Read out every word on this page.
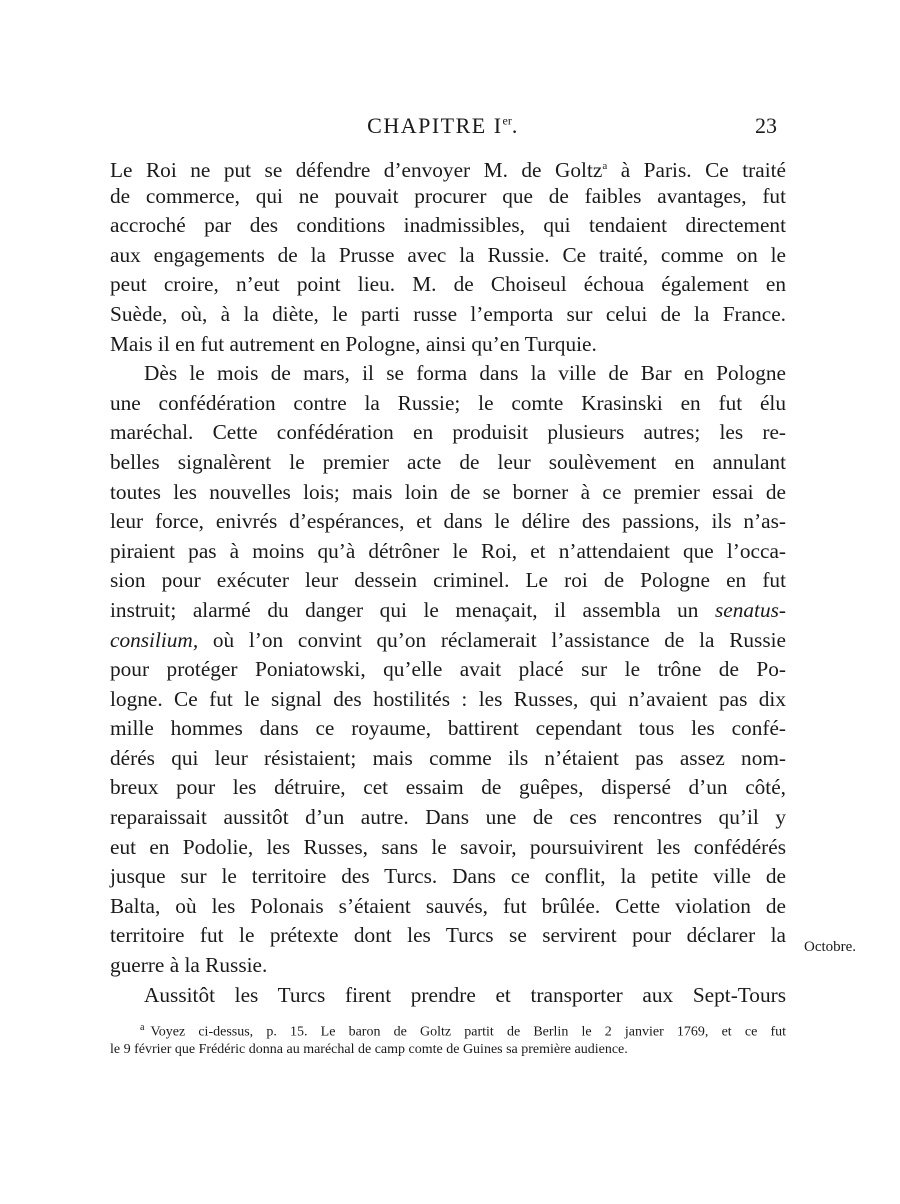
CHAPITRE Ier.	23
Le Roi ne put se défendre d’envoyer M. de Goltz$^a$ à Paris. Ce traité
de commerce, qui ne pouvait procurer que de faibles avantages, fut
accroché par des conditions inadmissibles, qui tendaient directement
aux engagements de la Prusse avec la Russie. Ce traité, comme on le
peut croire, n’eut point lieu. M. de Choiseul échoua également en
Suède, où, à la diète, le parti russe l’emporta sur celui de la France.
Mais il en fut autrement en Pologne, ainsi qu’en Turquie.
Dès le mois de mars, il se forma dans la ville de Bar en Pologne
une confédération contre la Russie; le comte Krasinski en fut élu
maréchal. Cette confédération en produisit plusieurs autres; les re-
belles signalèrent le premier acte de leur soulèvement en annulant
toutes les nouvelles lois; mais loin de se borner à ce premier essai de
leur force, enivrés d’espérances, et dans le délire des passions, ils n’as-
piraient pas à moins qu’à détrôner le Roi, et n’attendaient que l’occa-
sion pour exécuter leur dessein criminel. Le roi de Pologne en fut
instruit; alarmé du danger qui le menaçait, il assembla un senatus-
consilium, où l’on convint qu’on réclamerait l’assistance de la Russie
pour protéger Poniatowski, qu’elle avait placé sur le trône de Po-
logne. Ce fut le signal des hostilités : les Russes, qui n’avaient pas dix
mille hommes dans ce royaume, battirent cependant tous les confé-
dérés qui leur résistaient; mais comme ils n’étaient pas assez nom-
breux pour les détruire, cet essaim de guêpes, dispersé d’un côté,
reparaissait aussitôt d’un autre. Dans une de ces rencontres qu’il y
eut en Podolie, les Russes, sans le savoir, poursuivirent les confédérés
jusque sur le territoire des Turcs. Dans ce conflit, la petite ville de
Balta, où les Polonais s’étaient sauvés, fut brûlée. Cette violation de
territoire fut le prétexte dont les Turcs se servirent pour déclarer la
guerre à la Russie.
Aussitôt les Turcs firent prendre et transporter aux Sept-Tours
Octobre.
$^a$ Voyez ci-dessus, p. 15. Le baron de Goltz partit de Berlin le 2 janvier 1769, et ce fut
le 9 février que Frédéric donna au maréchal de camp comte de Guines sa première audience.
